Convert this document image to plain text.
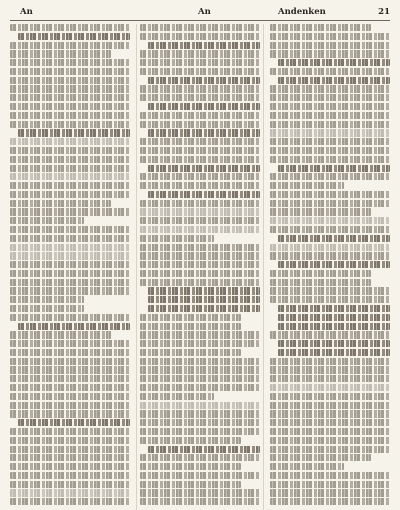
An	An	Andenken	21
